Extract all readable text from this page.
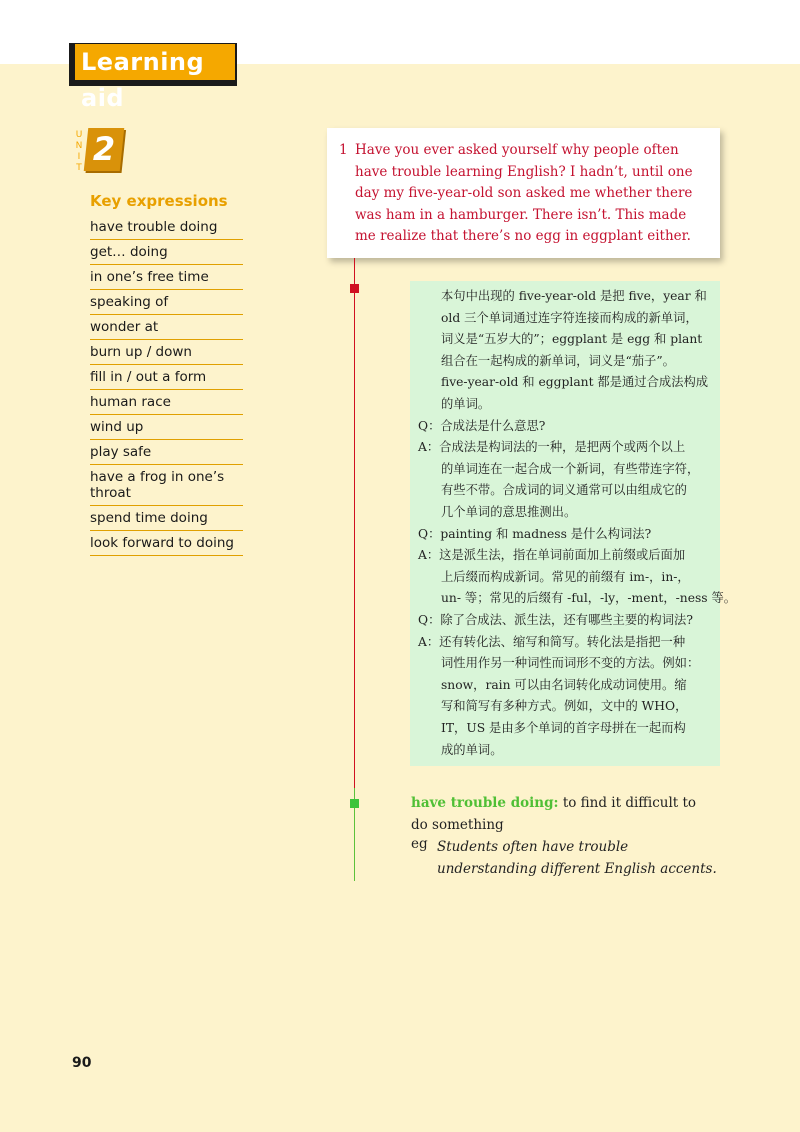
Learning aid
U
N
I
T 2
Key expressions
have trouble doing
get… doing
in one’s free time
speaking of
wonder at
burn up / down
fill in / out a form
human race
wind up
play safe
have a frog in one’s throat
spend time doing
look forward to doing
1 Have you ever asked yourself why people often have trouble learning English? I hadn’t, until one day my five-year-old son asked me whether there was ham in a hamburger. There isn’t. This made me realize that there’s no egg in eggplant either.
本句中出现的 five-year-old 是把 five，year 和
old 三个单词通过连字符连接而构成的新单词，
词义是“五岁大的”；eggplant 是 egg 和 plant
组合在一起构成的新单词，词义是“茄子”。
five-year-old 和 eggplant 都是通过合成法构成
的单词。
Q：合成法是什么意思?
A：合成法是构词法的一种，是把两个或两个以上
的单词连在一起合成一个新词，有些带连字符，
有些不带。合成词的词义通常可以由组成它的
几个单词的意思推测出。
Q：painting 和 madness 是什么构词法?
A：这是派生法，指在单词前面加上前缀或后面加
上后缀而构成新词。常见的前缀有 im-，in-，
un- 等；常见的后缀有 -ful，-ly，-ment，-ness 等。
Q：除了合成法、派生法，还有哪些主要的构词法?
A：还有转化法、缩写和简写。转化法是指把一种
词性用作另一种词性而词形不变的方法。例如：
snow，rain 可以由名词转化成动词使用。缩
写和简写有多种方式。例如，文中的 WHO，
IT，US 是由多个单词的首字母拼在一起而构
成的单词。
have trouble doing: to find it difficult to do something
eg Students often have trouble understanding different English accents.
90
